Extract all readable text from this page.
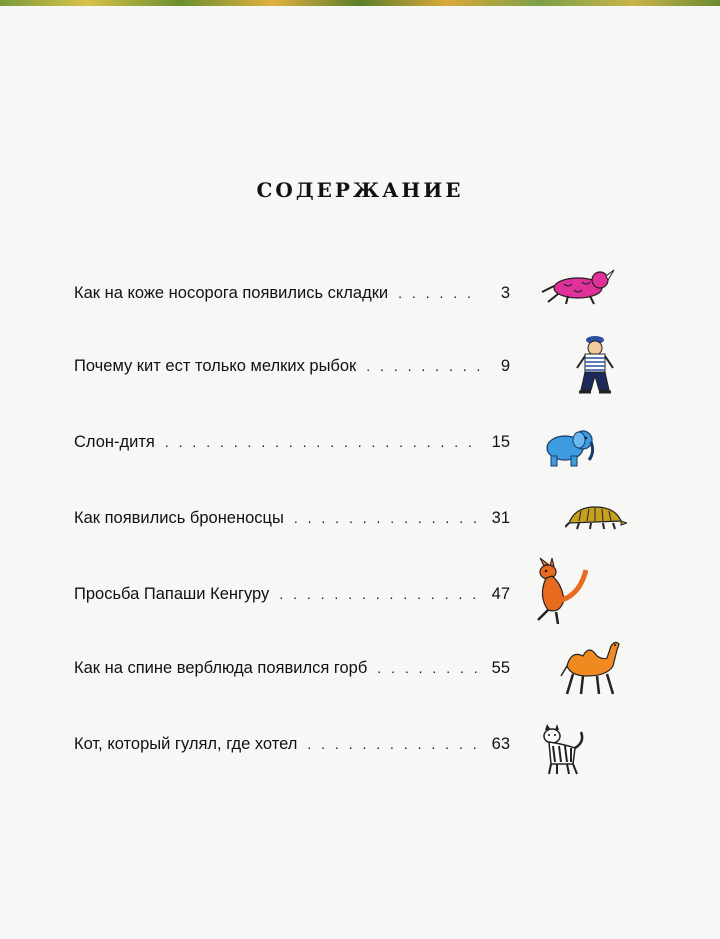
СОДЕРЖАНИЕ
Как на коже носорога появились складки . . .	3
Почему кит ест только мелких рыбок . . .	9
Слон-дитя . . .	15
Как появились броненосцы . . .	31
Просьба Папаши Кенгуру . . .	47
Как на спине верблюда появился горб . . .	55
Кот, который гулял, где хотел . . .	63
